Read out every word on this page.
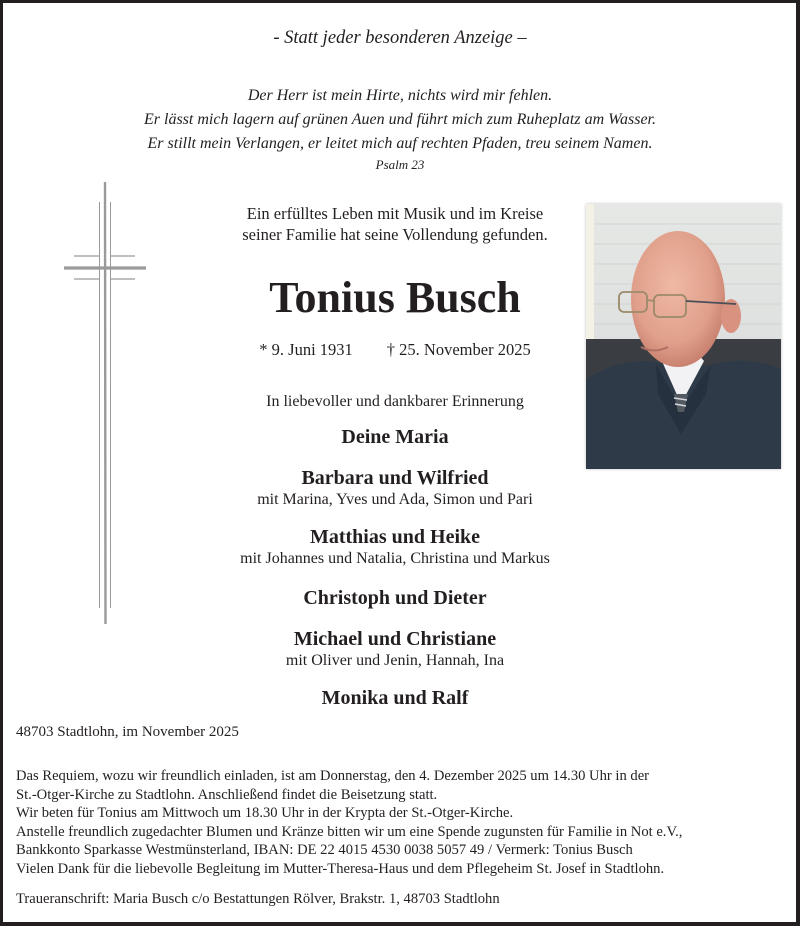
- Statt jeder besonderen Anzeige –
Der Herr ist mein Hirte, nichts wird mir fehlen.
Er lässt mich lagern auf grünen Auen und führt mich zum Ruheplatz am Wasser.
Er stillt mein Verlangen, er leitet mich auf rechten Pfaden, treu seinem Namen.
Psalm 23
Ein erfülltes Leben mit Musik und im Kreise
seiner Familie hat seine Vollendung gefunden.
Tonius Busch
* 9. Juni 1931 † 25. November 2025
In liebevoller und dankbarer Erinnerung
Deine Maria
Barbara und Wilfried
mit Marina, Yves und Ada, Simon und Pari
Matthias und Heike
mit Johannes und Natalia, Christina und Markus
Christoph und Dieter
Michael und Christiane
mit Oliver und Jenin, Hannah, Ina
Monika und Ralf
48703 Stadtlohn, im November 2025
Das Requiem, wozu wir freundlich einladen, ist am Donnerstag, den 4. Dezember 2025 um 14.30 Uhr in der
St.-Otger-Kirche zu Stadtlohn. Anschließend findet die Beisetzung statt.
Wir beten für Tonius am Mittwoch um 18.30 Uhr in der Krypta der St.-Otger-Kirche.
Anstelle freundlich zugedachter Blumen und Kränze bitten wir um eine Spende zugunsten für Familie in Not e.V.,
Bankkonto Sparkasse Westmünsterland, IBAN: DE 22 4015 4530 0038 5057 49 / Vermerk: Tonius Busch
Vielen Dank für die liebevolle Begleitung im Mutter-Theresa-Haus und dem Pflegeheim St. Josef in Stadtlohn.
Traueranschrift: Maria Busch c/o Bestattungen Rölver, Brakstr. 1, 48703 Stadtlohn
